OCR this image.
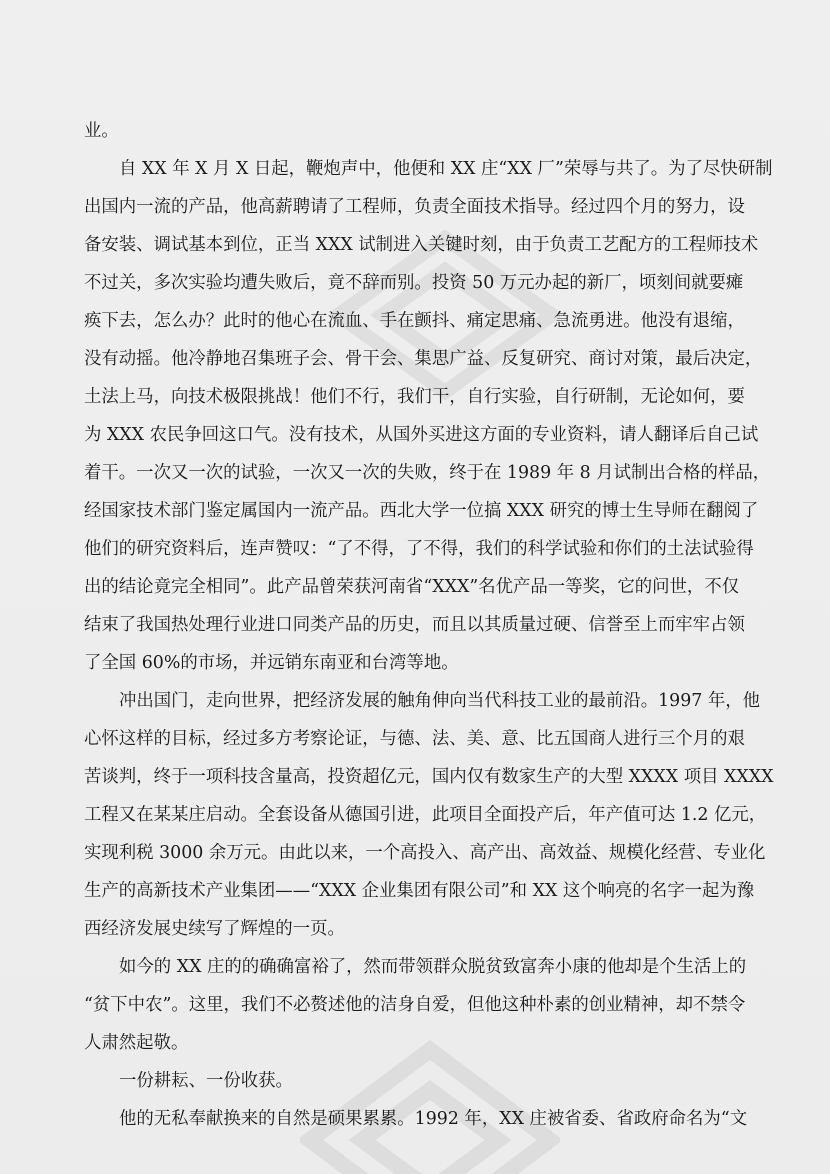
业。

自 XX 年 X 月 X 日起，鞭炮声中，他便和 XX 庄“XX 厂”荣辱与共了。为了尽快研制

出国内一流的产品，他高薪聘请了工程师，负责全面技术指导。经过四个月的努力，设

备安装、调试基本到位，正当 XXX 试制进入关键时刻，由于负责工艺配方的工程师技术

不过关，多次实验均遭失败后，竟不辞而别。投资 50 万元办起的新厂，顷刻间就要瘫

痪下去，怎么办？此时的他心在流血、手在颤抖、痛定思痛、急流勇进。他没有退缩，

没有动摇。他冷静地召集班子会、骨干会、集思广益、反复研究、商讨对策，最后决定，

土法上马，向技术极限挑战！他们不行，我们干，自行实验，自行研制，无论如何，要

为 XXX 农民争回这口气。没有技术，从国外买进这方面的专业资料，请人翻译后自己试

着干。一次又一次的试验，一次又一次的失败，终于在 1989 年 8 月试制出合格的样品，

经国家技术部门鉴定属国内一流产品。西北大学一位搞 XXX 研究的博士生导师在翻阅了

他们的研究资料后，连声赞叹：“了不得，了不得，我们的科学试验和你们的土法试验得

出的结论竟完全相同”。此产品曾荣获河南省“XXX”名优产品一等奖，它的问世，不仅

结束了我国热处理行业进口同类产品的历史，而且以其质量过硬、信誉至上而牢牢占领

了全国 60%的市场，并远销东南亚和台湾等地。

冲出国门，走向世界，把经济发展的触角伸向当代科技工业的最前沿。1997 年，他

心怀这样的目标，经过多方考察论证，与德、法、美、意、比五国商人进行三个月的艰

苦谈判，终于一项科技含量高，投资超亿元，国内仅有数家生产的大型 XXXX 项目 XXXX

工程又在某某庄启动。全套设备从德国引进，此项目全面投产后，年产值可达 1.2 亿元，

实现利税 3000 余万元。由此以来，一个高投入、高产出、高效益、规模化经营、专业化

生产的高新技术产业集团——“XXX 企业集团有限公司”和 XX 这个响亮的名字一起为豫

西经济发展史续写了辉煌的一页。

如今的 XX 庄的的确确富裕了，然而带领群众脱贫致富奔小康的他却是个生活上的

“贫下中农”。这里，我们不必赘述他的洁身自爱，但他这种朴素的创业精神，却不禁令

人肃然起敬。

一份耕耘、一份收获。

他的无私奉献换来的自然是硕果累累。1992 年，XX 庄被省委、省政府命名为“文
